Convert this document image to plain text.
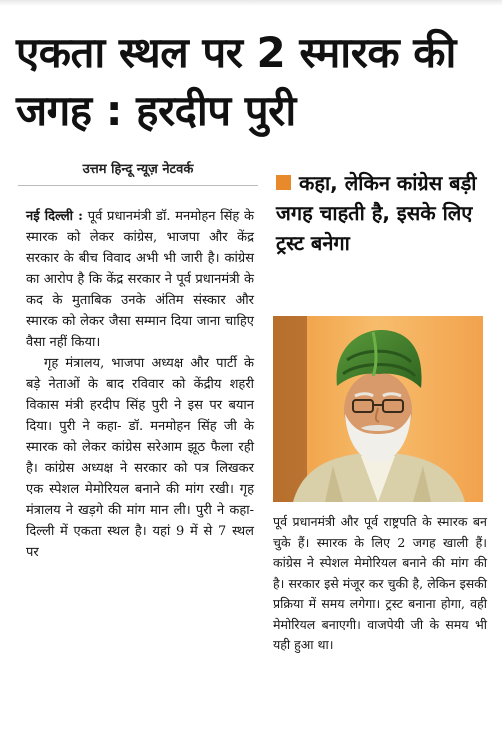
एकता स्थल पर 2 स्मारक की जगह : हरदीप पुरी
उत्तम हिन्दू न्यूज़ नेटवर्क

नई दिल्ली : पूर्व प्रधानमंत्री डॉ. मनमोहन सिंह के स्मारक को लेकर कांग्रेस, भाजपा और केंद्र सरकार के बीच विवाद अभी भी जारी है। कांग्रेस का आरोप है कि केंद्र सरकार ने पूर्व प्रधानमंत्री के कद के मुताबिक उनके अंतिम संस्कार और स्मारक को लेकर जैसा सम्मान दिया जाना चाहिए वैसा नहीं किया।

गृह मंत्रालय, भाजपा अध्यक्ष और पार्टी के बड़े नेताओं के बाद रविवार को केंद्रीय शहरी विकास मंत्री हरदीप सिंह पुरी ने इस पर बयान दिया। पुरी ने कहा- डॉ. मनमोहन सिंह जी के स्मारक को लेकर कांग्रेस सरेआम झूठ फैला रही है। कांग्रेस अध्यक्ष ने सरकार को पत्र लिखकर एक स्पेशल मेमोरियल बनाने की मांग रखी। गृह मंत्रालय ने खड़गे की मांग मान ली। पुरी ने कहा- दिल्ली में एकता स्थल है। यहां 9 में से 7 स्थल पर

कहा, लेकिन कांग्रेस बड़ी जगह चाहती है, इसके लिए ट्रस्ट बनेगा

पूर्व प्रधानमंत्री और पूर्व राष्ट्रपति के स्मारक बन चुके हैं। स्मारक के लिए 2 जगह खाली हैं। कांग्रेस ने स्पेशल मेमोरियल बनाने की मांग की है। सरकार इसे मंजूर कर चुकी है, लेकिन इसकी प्रक्रिया में समय लगेगा। ट्रस्ट बनाना होगा, वही मेमोरियल बनाएगी। वाजपेयी जी के समय भी यही हुआ था।
